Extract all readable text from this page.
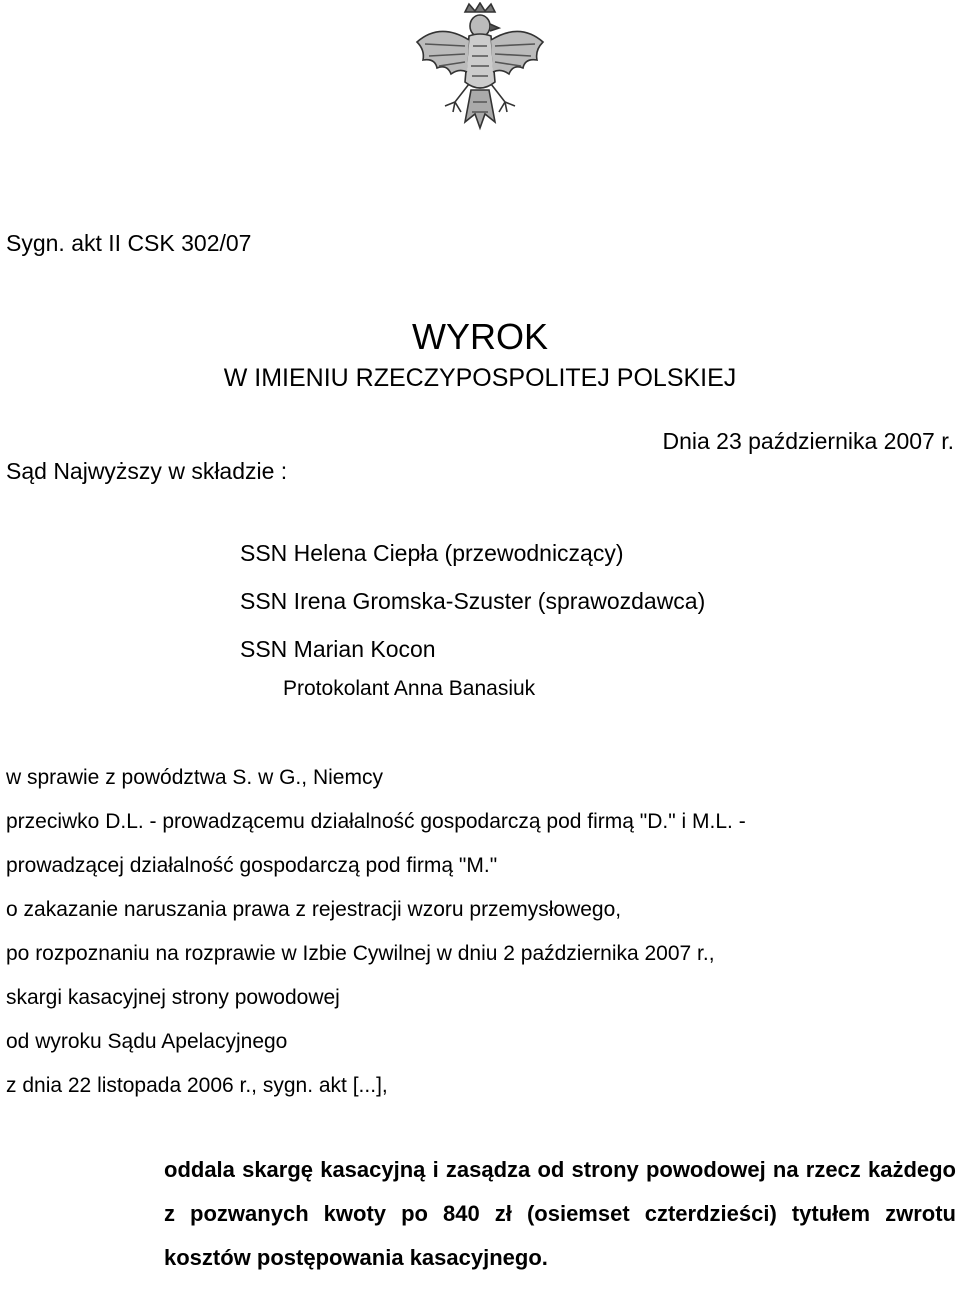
Sygn. akt II CSK 302/07
WYROK
W IMIENIU RZECZYPOSPOLITEJ POLSKIEJ
Dnia 23 października 2007 r.
Sąd Najwyższy w składzie :
SSN Helena Ciepła (przewodniczący)
SSN Irena Gromska-Szuster (sprawozdawca)
SSN Marian Kocon
Protokolant Anna Banasiuk
w sprawie z powództwa S. w G., Niemcy
przeciwko D.L. - prowadzącemu działalność gospodarczą pod firmą "D." i M.L. -
prowadzącej działalność gospodarczą pod firmą "M."
o zakazanie naruszania prawa z rejestracji wzoru przemysłowego,
po rozpoznaniu na rozprawie w Izbie Cywilnej w dniu 2 października 2007 r.,
skargi kasacyjnej strony powodowej
od wyroku Sądu Apelacyjnego
z dnia 22 listopada 2006 r., sygn. akt [...],
oddala skargę kasacyjną i zasądza od strony powodowej na rzecz każdego z pozwanych kwoty po 840 zł (osiemset czterdzieści) tytułem zwrotu kosztów postępowania kasacyjnego.
